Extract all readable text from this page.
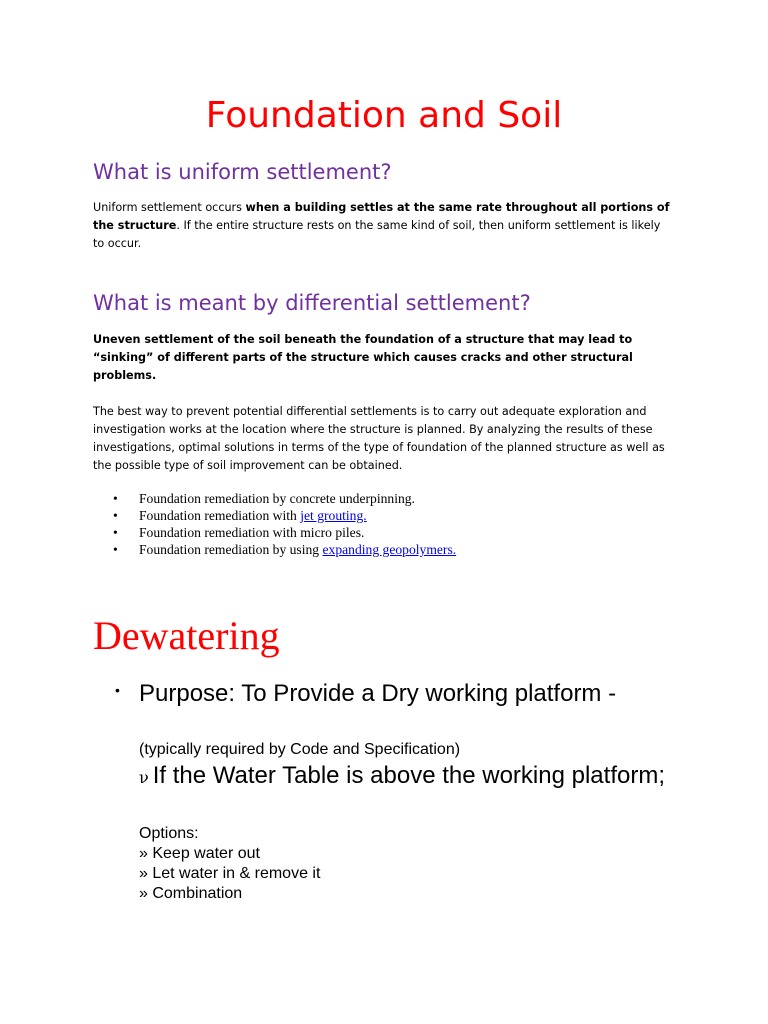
Foundation and Soil
What is uniform settlement?

Uniform settlement occurs when a building settles at the same rate throughout all portions of the structure. If the entire structure rests on the same kind of soil, then uniform settlement is likely to occur.

What is meant by differential settlement?

Uneven settlement of the soil beneath the foundation of a structure that may lead to “sinking” of different parts of the structure which causes cracks and other structural problems.

The best way to prevent potential differential settlements is to carry out adequate exploration and investigation works at the location where the structure is planned. By analyzing the results of these investigations, optimal solutions in terms of the type of foundation of the planned structure as well as the possible type of soil improvement can be obtained.

• Foundation remediation by concrete underpinning.
• Foundation remediation with jet grouting.
• Foundation remediation with micro piles.
• Foundation remediation by using expanding geopolymers.
Dewatering
• Purpose: To Provide a Dry working platform -

(typically required by Code and Specification)

ν If the Water Table is above the working platform;

Options:

» Keep water out
» Let water in & remove it
» Combination
